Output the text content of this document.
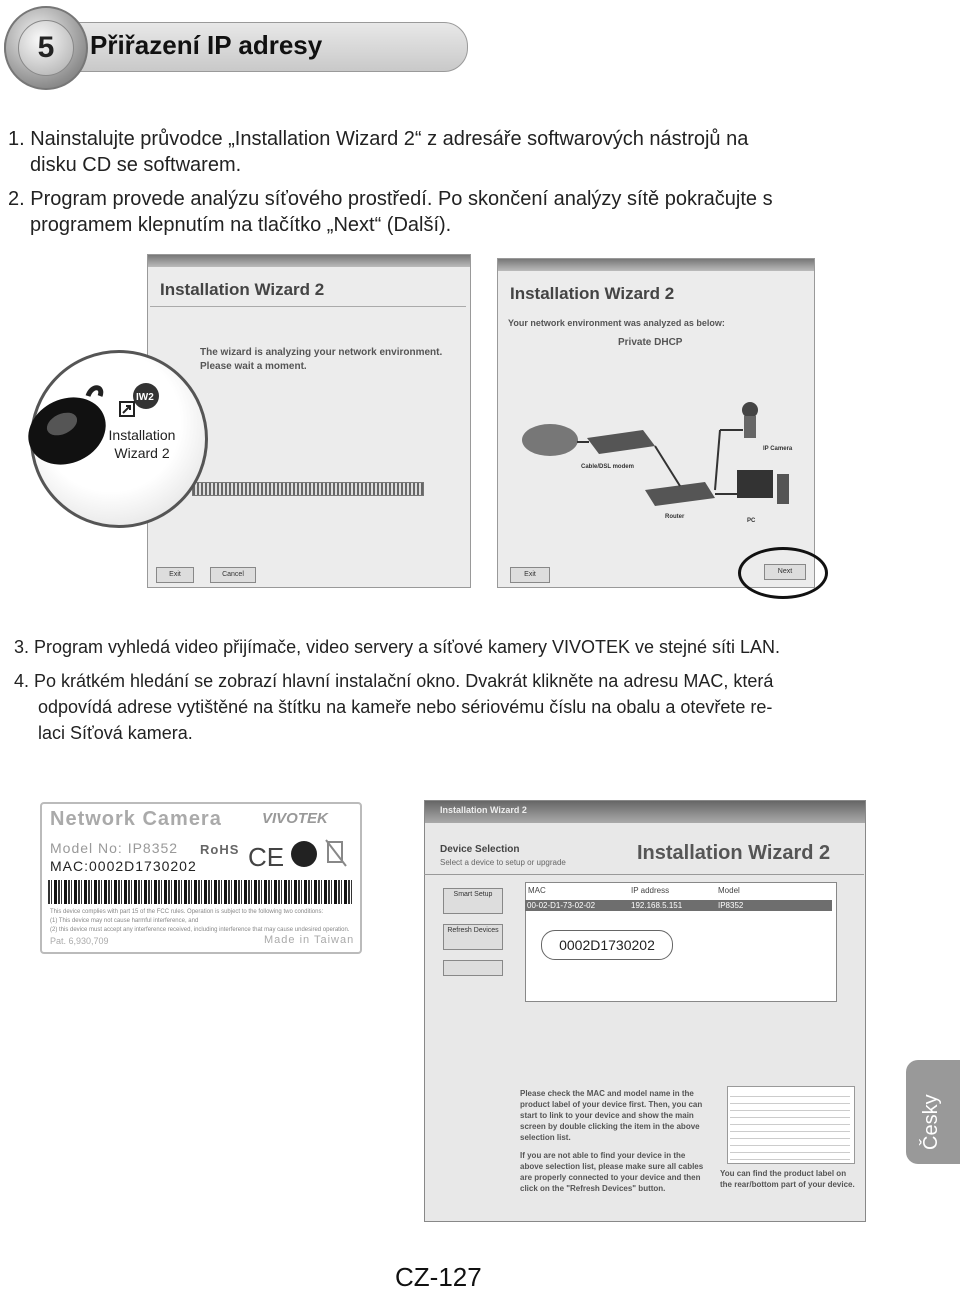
5	Přiřazení IP adresy
1. Nainstalujte průvodce „Installation Wizard 2“ z adresáře softwarových nástrojů na
disku CD se softwarem.
2. Program provede analýzu síťového prostředí. Po skončení analýzy sítě pokračujte s
programem klepnutím na tlačítko „Next“ (Další).
Installation Wizard 2
The wizard is analyzing your network environment.
Please wait a moment.
Exit	Cancel
Installation Wizard 2
Your network environment was analyzed as below:
Private DHCP
Cable/DSL modem
Router
IP Camera
PC
Exit	Next
IW2
Installation
Wizard 2
3. Program vyhledá video přijímače, video servery a síťové kamery VIVOTEK ve stejné síti LAN.
4. Po krátkém hledání se zobrazí hlavní instalační okno. Dvakrát klikněte na adresu MAC, která
odpovídá adrese vytištěné na štítku na kameře nebo sériovému číslu na obalu a otevřete re-
laci Síťová kamera.
Network Camera	VIVOTEK
Model No: IP8352 RoHS
MAC:0002D1730202 CE
This device complies with part 15 of the FCC rules. Operation is subject to the following two conditions:
(1) This device may not cause harmful interference, and
(2) this device must accept any interference received, including interference that may cause undesired operation.
Pat. 6,930,709	Made in Taiwan
Installation Wizard 2
Device Selection
Select a device to setup or upgrade	Installation Wizard 2
Smart Setup
Refresh Devices
MAC	IP address	Model
00-02-D1-73-02-02	192.168.5.151	IP8352
0002D1730202
Please check the MAC and model name in the product label of your device first. Then, you can start to link to your device and show the main screen by double clicking the item in the above selection list.
If you are not able to find your device in the above selection list, please make sure all cables are properly connected to your device and then click on the "Refresh Devices" button.
You can find the product label on the rear/bottom part of your device.
Česky
CZ-127
